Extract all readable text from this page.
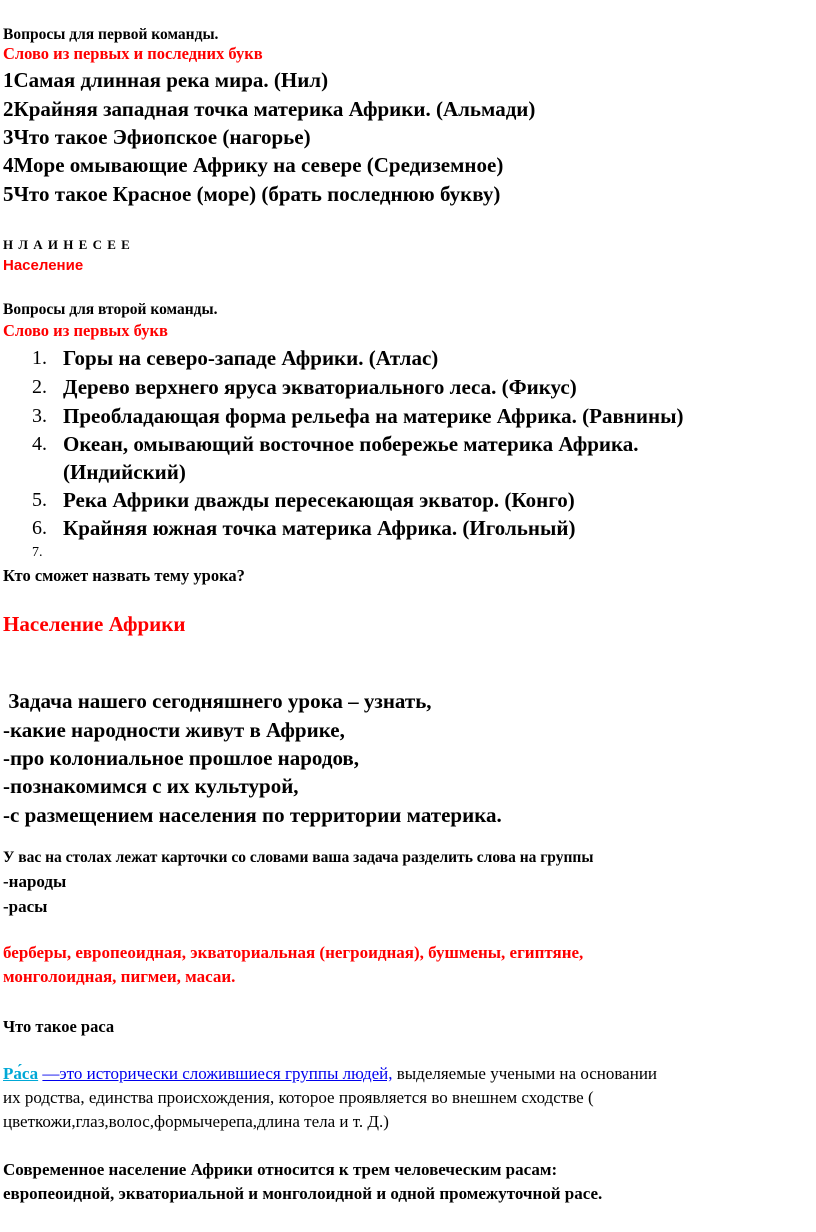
Вопросы для первой команды.
Слово из первых и последних букв
1Самая длинная река мира. (Нил)
2Крайняя западная точка материка Африки. (Альмади)
3Что такое Эфиопское (нагорье)
4Море омывающие Африку на севере (Средиземное)
5Что такое Красное (море) (брать последнюю букву)
Н Л А И Н Е С Е Е
Население
Вопросы для второй команды.
Слово из первых букв
1. Горы на северо-западе Африки. (Атлас)
2. Дерево верхнего яруса экваториального леса. (Фикус)
3. Преобладающая форма рельефа на материке Африка. (Равнины)
4. Океан, омывающий восточное побережье материка Африка.
(Индийский)
5. Река Африки дважды пересекающая экватор. (Конго)
6. Крайняя южная точка материка Африка. (Игольный)
7.
Кто сможет назвать тему урока?
Население Африки
Задача нашего сегодняшнего урока – узнать,
-какие народности живут в Африке,
-про колониальное прошлое народов,
-познакомимся с их культурой,
-с размещением населения по территории материка.
У вас на столах лежат карточки со словами ваша задача разделить слова на группы
-народы
-расы
берберы, европеоидная, экваториальная (негроидная), бушмены, египтяне,
монголоидная, пигмеи, масаи.
Что такое раса
Ра́са —это исторически сложившиеся группы людей, выделяемые учеными на основании
их родства, единства происхождения, которое проявляется во внешнем сходстве (
цветкожи,глаз,волос,формычерепа,длина тела и т. Д.)
Современное население Африки относится к трем человеческим расам:
европеоидной, экваториальной и монголоидной и одной промежуточной расе.
